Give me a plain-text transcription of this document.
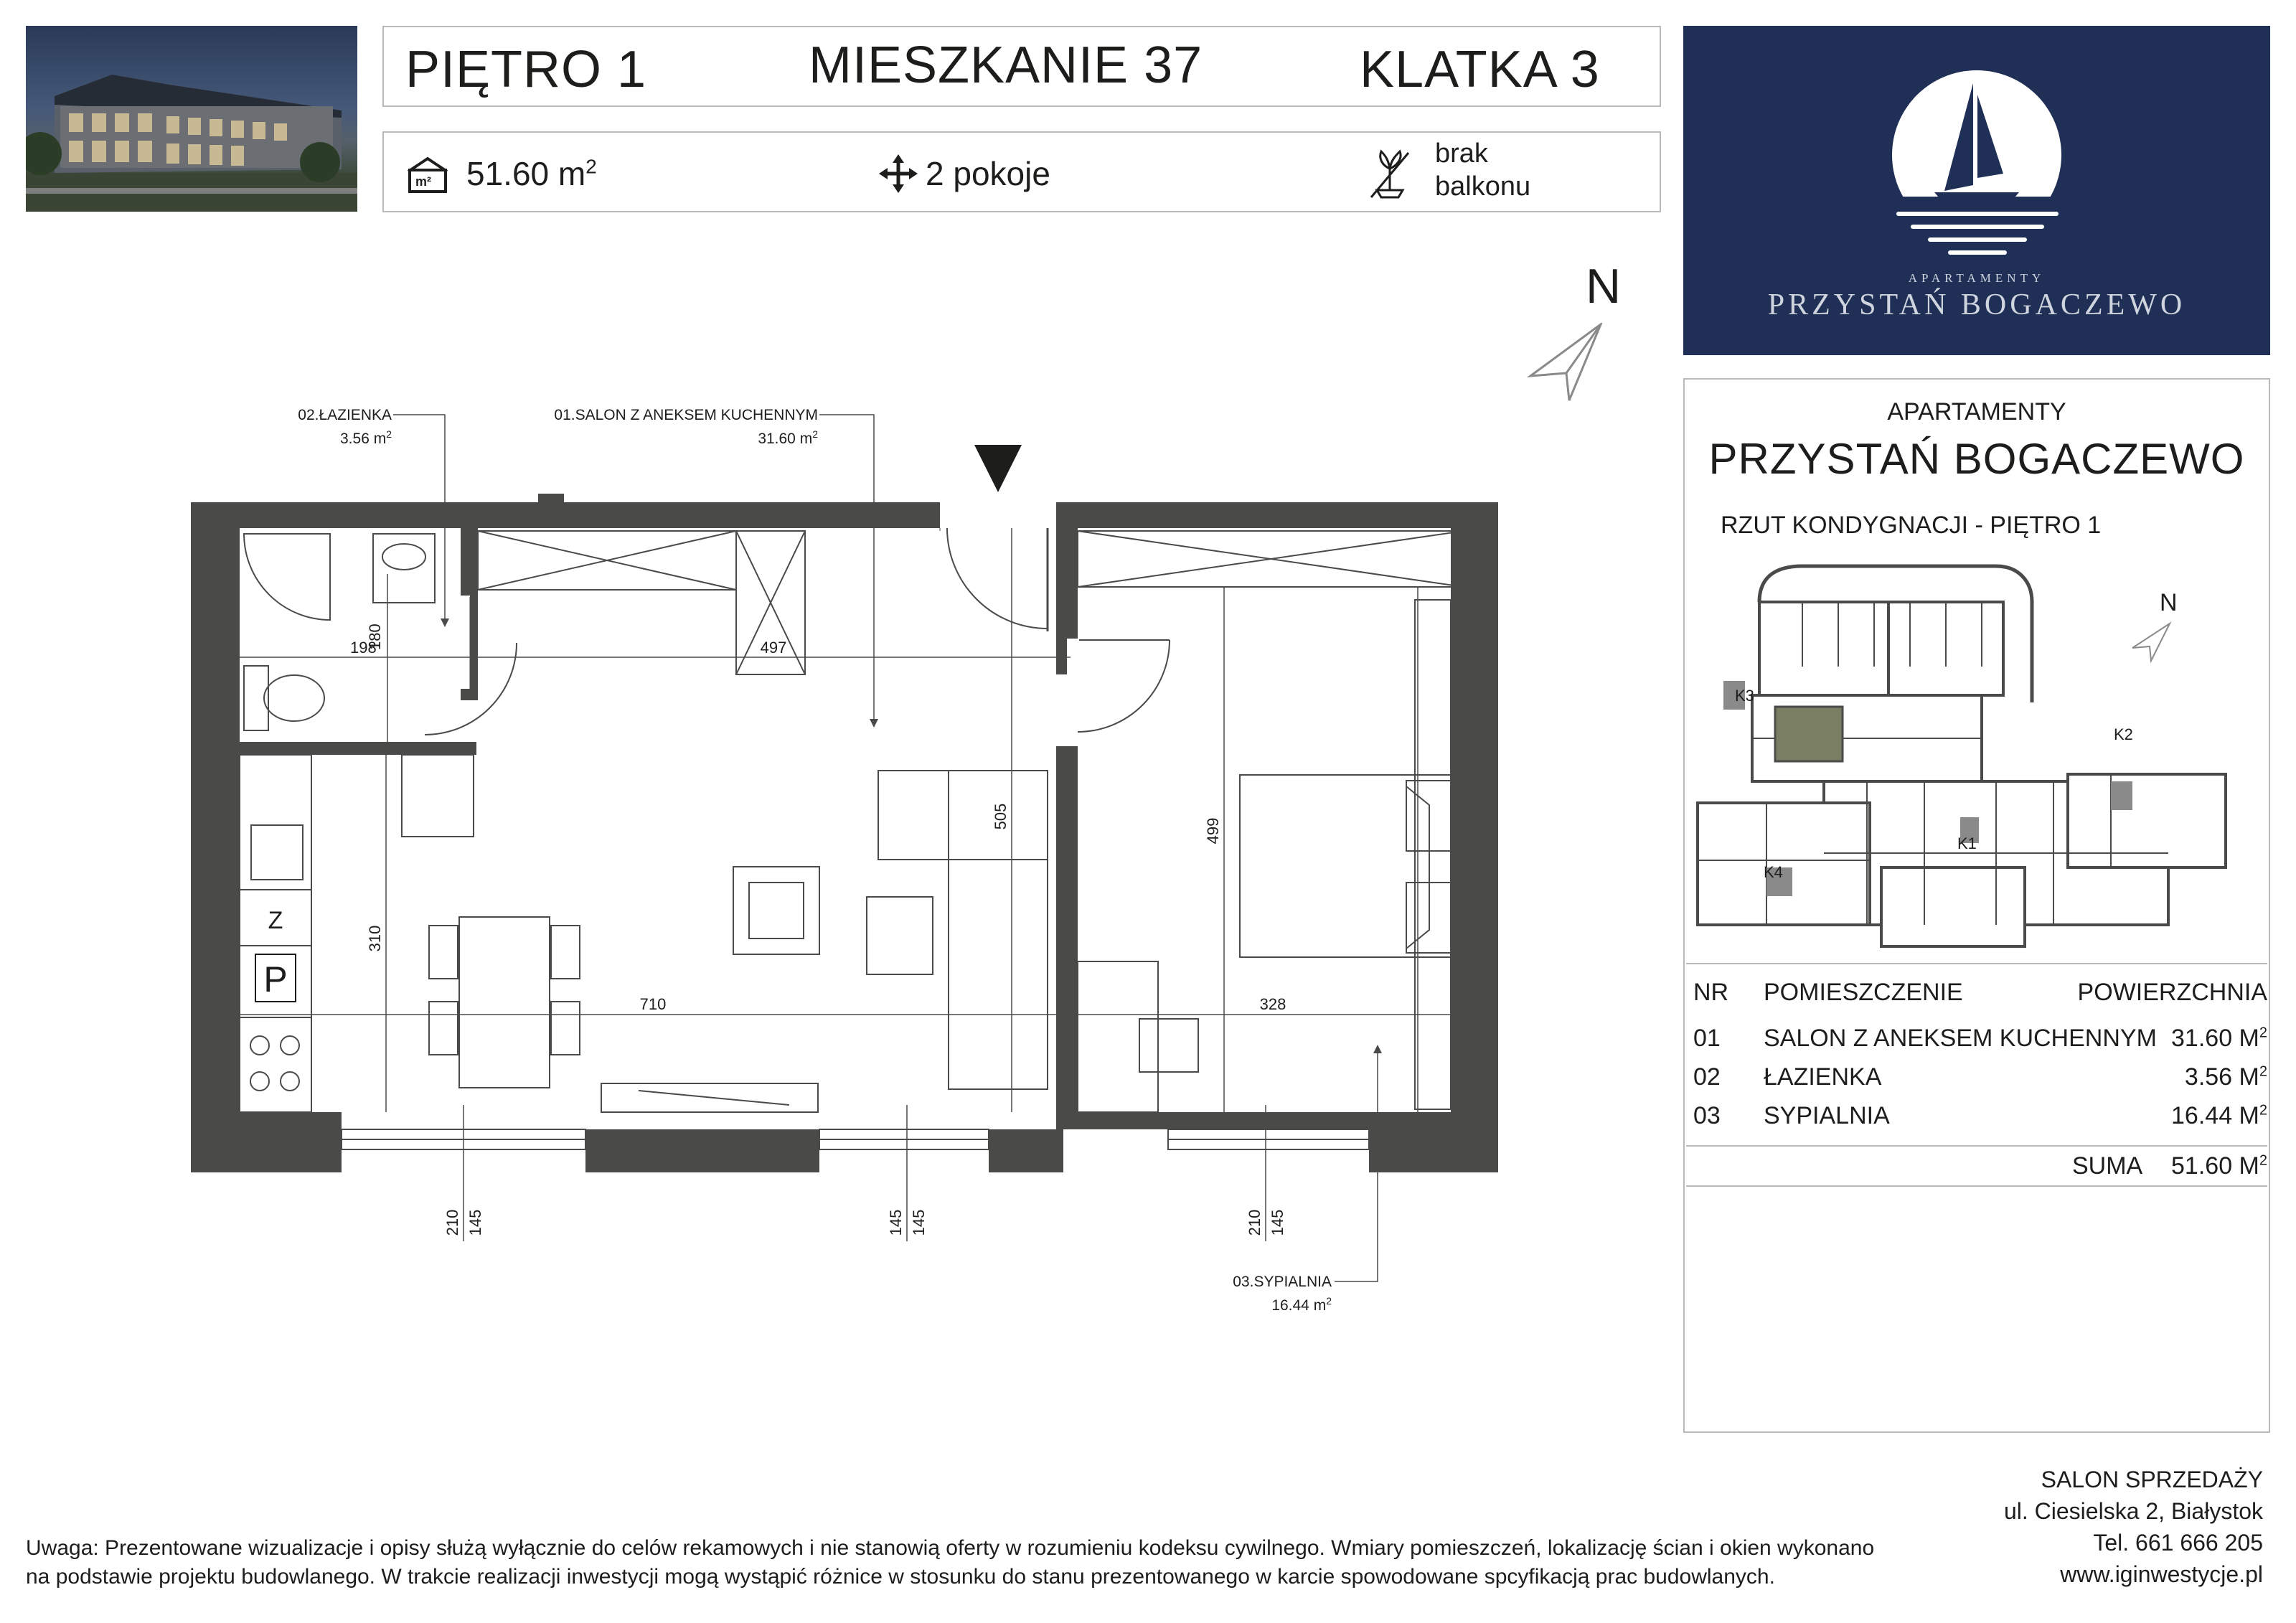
PIĘTRO 1	MIESZKANIE 37	KLATKA 3
m² 51.60 $m^2$	2 pokoje
brak
balkonu
N	APARTAMENTY
PRZYSTAŃ BOGACZEWO
APARTAMENTY
PRZYSTAŃ BOGACZEWO
RZUT KONDYGNACJI - PIĘTRO 1
N
K3
K2
K1
K4
NR POMIESZCZENIE	POWIERZCHNIA
01 SALON Z ANEKSEM KUCHENNYM 31.60 $M^2$
02 ŁAZIENKA	3.56 $M^2$
03 SYPIALNIA	16.44 $M^2$
SUMA 51.60 $M^2$
Z
P
198
180	497
505
499
310
710	328
210 145	145 145	210 145
02.ŁAZIENKA
3.56 $m^2$
01.SALON Z ANEKSEM KUCHENNYM
31.60 $m^2$
03.SYPIALNIA
16.44 $m^2$
Uwaga: Prezentowane wizualizacje i opisy służą wyłącznie do celów rekamowych i nie stanowią oferty w rozumieniu kodeksu cywilnego. Wmiary pomieszczeń, lokalizację ścian i okien wykonano
na podstawie projektu budowlanego. W trakcie realizacji inwestycji mogą wystąpić różnice w stosunku do stanu prezentowanego w karcie spowodowane spcyfikacją prac budowlanych.
SALON SPRZEDAŻY
ul. Ciesielska 2, Białystok
Tel. 661 666 205
www.iginwestycje.pl
